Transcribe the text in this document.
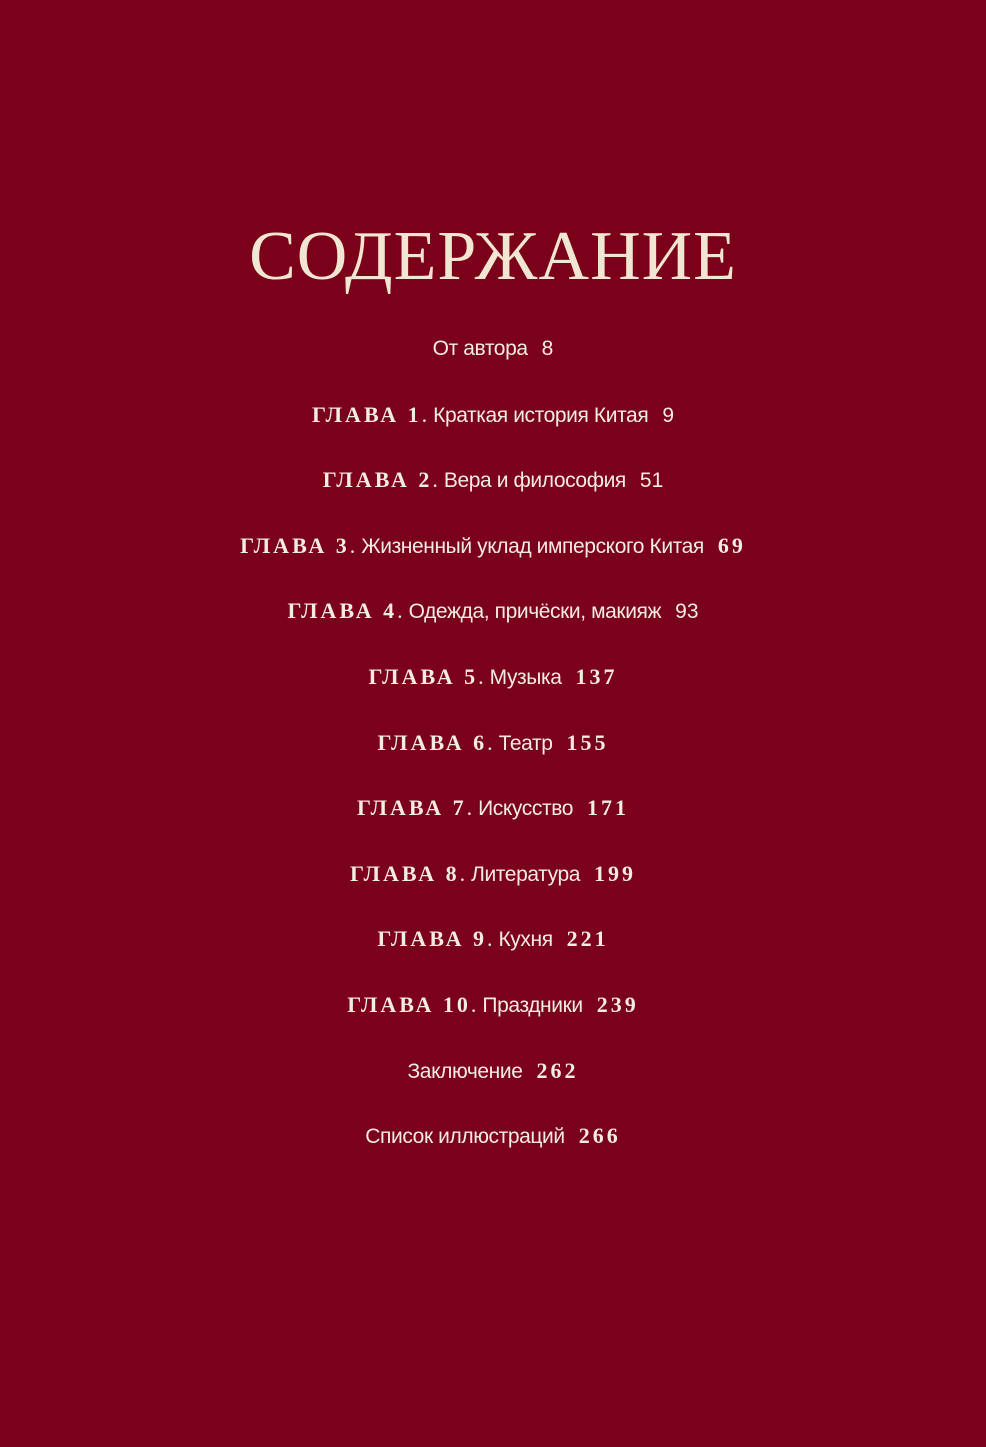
СОДЕРЖАНИЕ
От автора 8
ГЛАВА 1. Краткая история Китая 9
ГЛАВА 2. Вера и философия 51
ГЛАВА 3. Жизненный уклад имперского Китая 69
ГЛАВА 4. Одежда, причёски, макияж 93
ГЛАВА 5. Музыка 137
ГЛАВА 6. Театр 155
ГЛАВА 7. Искусство 171
ГЛАВА 8. Литература 199
ГЛАВА 9. Кухня 221
ГЛАВА 10. Праздники 239
Заключение 262
Список иллюстраций 266
